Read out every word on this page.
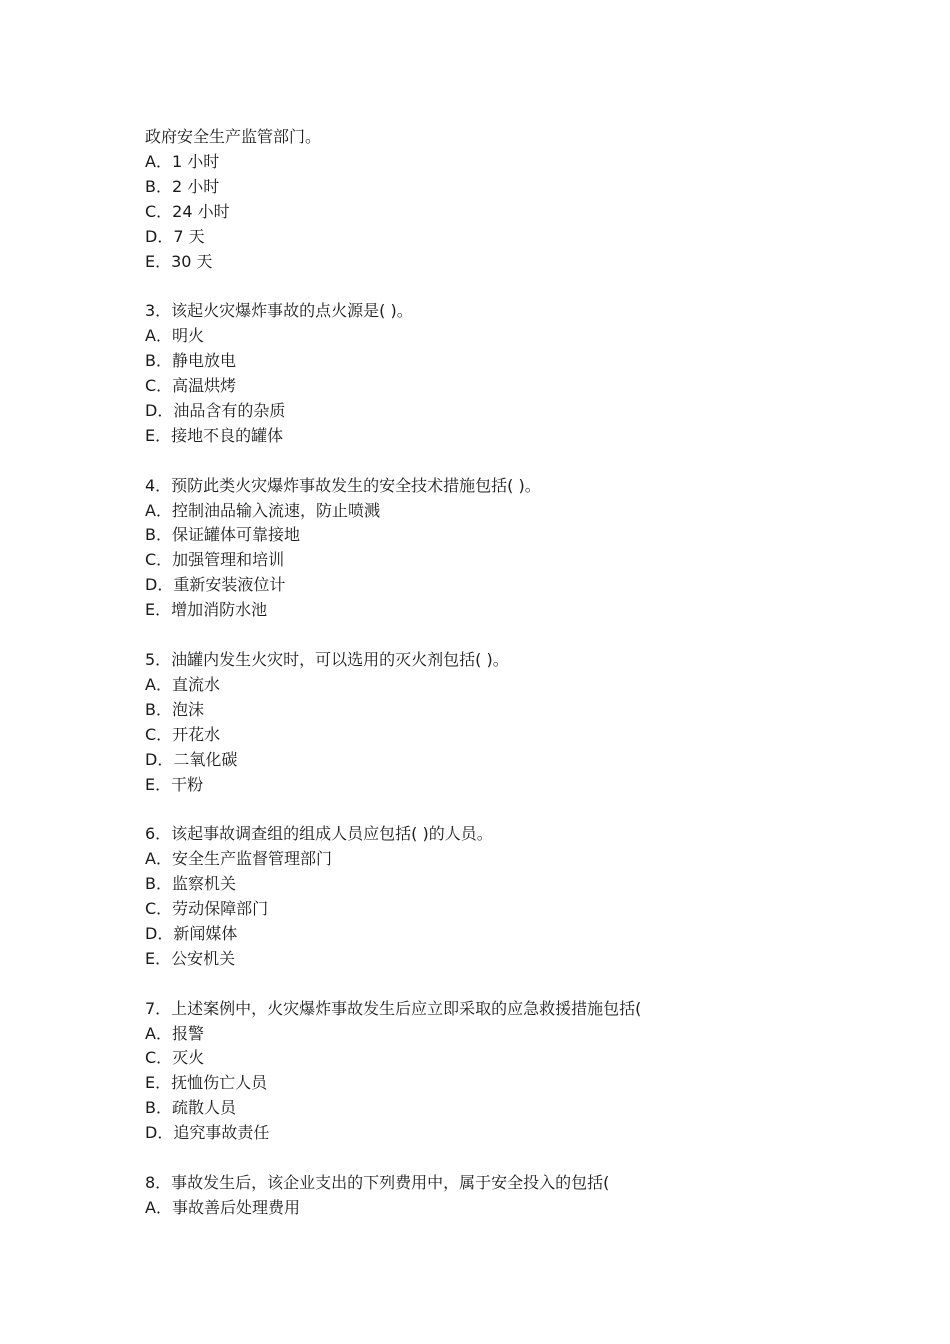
政府安全生产监管部门。
A．1 小时
B．2 小时
C．24 小时
D．7 天
E．30 天
3．该起火灾爆炸事故的点火源是( )。
A．明火
B．静电放电
C．高温烘烤
D．油品含有的杂质
E．接地不良的罐体
4．预防此类火灾爆炸事故发生的安全技术措施包括( )。
A．控制油品输入流速，防止喷溅
B．保证罐体可靠接地
C．加强管理和培训
D．重新安装液位计
E．增加消防水池
5．油罐内发生火灾时，可以选用的灭火剂包括( )。
A．直流水
B．泡沫
C．开花水
D．二氧化碳
E．干粉
6．该起事故调查组的组成人员应包括( )的人员。
A．安全生产监督管理部门
B．监察机关
C．劳动保障部门
D．新闻媒体
E．公安机关
7．上述案例中，火灾爆炸事故发生后应立即采取的应急救援措施包括(
A．报警
C．灭火
E．抚恤伤亡人员
B．疏散人员
D．追究事故责任
8．事故发生后，该企业支出的下列费用中，属于安全投入的包括(
A．事故善后处理费用
